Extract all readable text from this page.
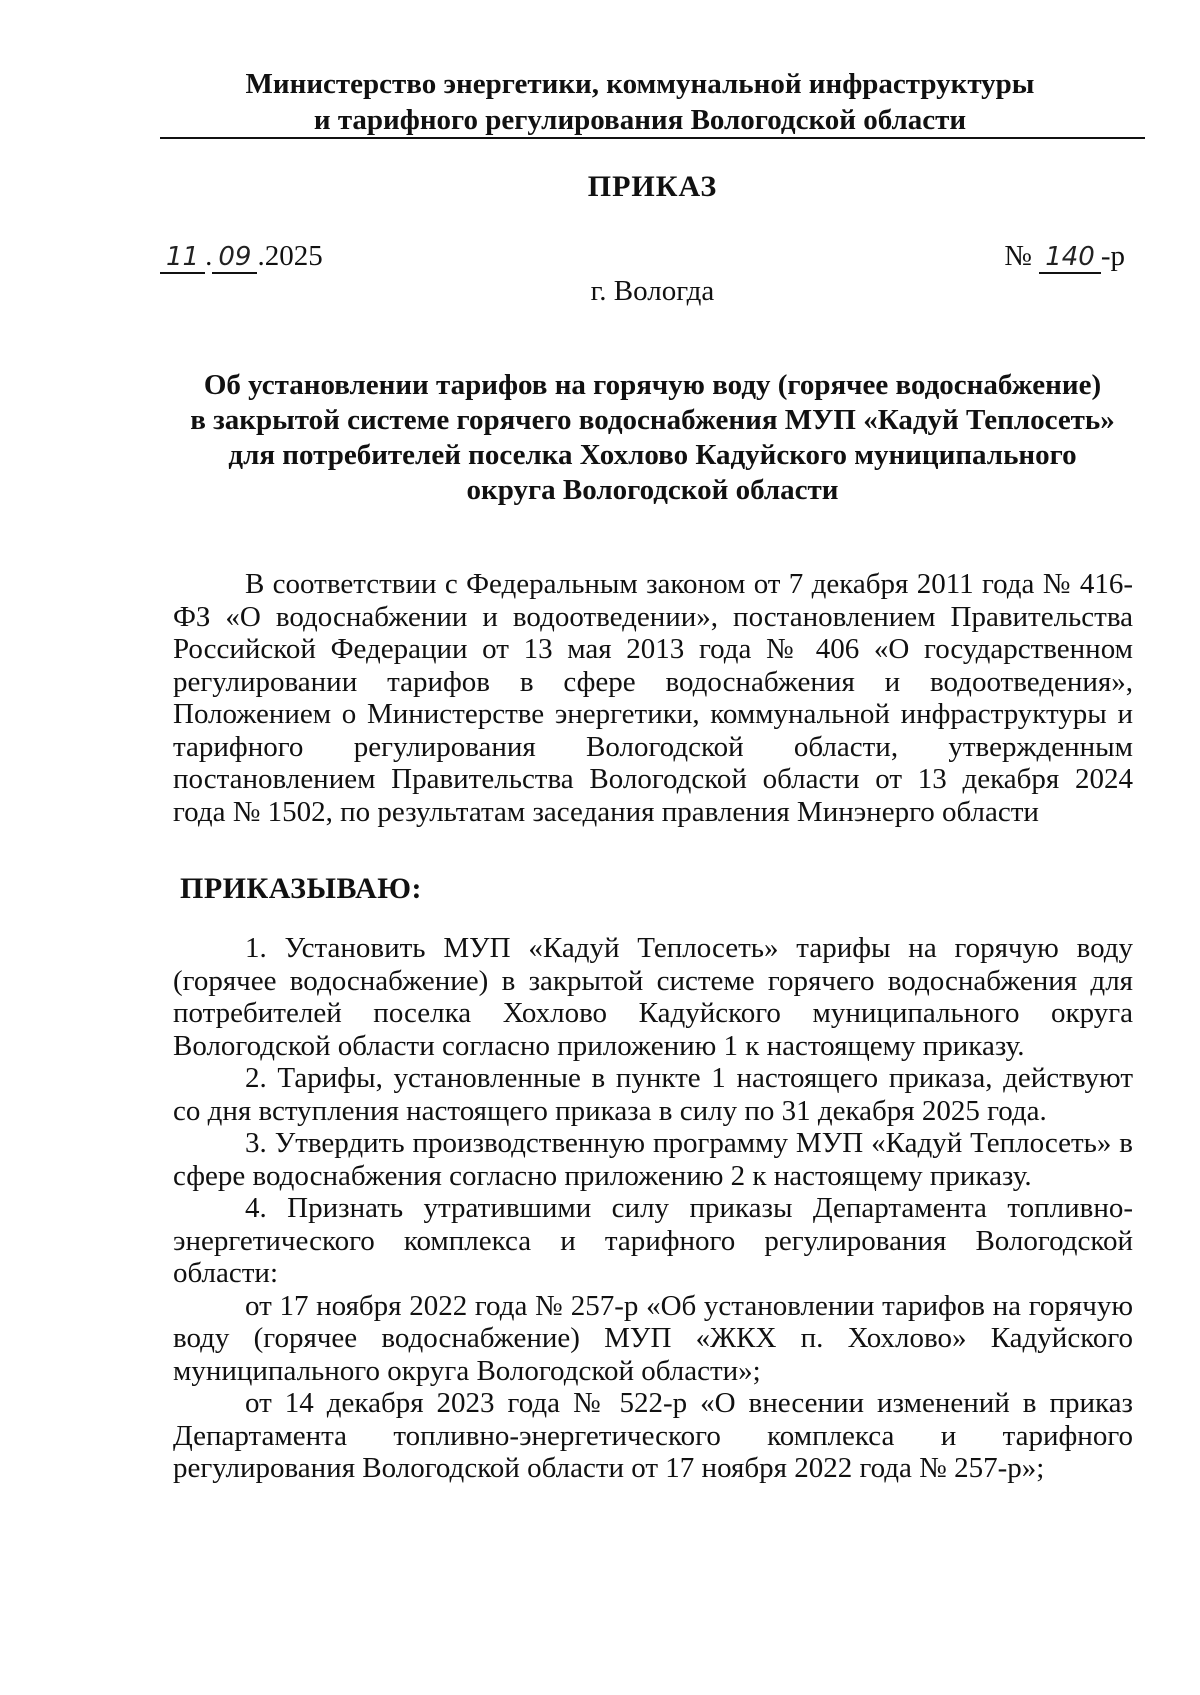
Министерство энергетики, коммунальной инфраструктуры
и тарифного регулирования Вологодской области
ПРИКАЗ
11 . 09 .2025	№ 140 -р
г. Вологда
Об установлении тарифов на горячую воду (горячее водоснабжение)
в закрытой системе горячего водоснабжения МУП «Кадуй Теплосеть»
для потребителей поселка Хохлово Кадуйского муниципального
округа Вологодской области

В соответствии с Федеральным законом от 7 декабря 2011 года № 416-ФЗ «О водоснабжении и водоотведении», постановлением Правительства Российской Федерации от 13 мая 2013 года № 406 «О государственном регулировании тарифов в сфере водоснабжения и водоотведения», Положением о Министерстве энергетики, коммунальной инфраструктуры и тарифного регулирования Вологодской области, утвержденным постановлением Правительства Вологодской области от 13 декабря 2024 года № 1502, по результатам заседания правления Минэнерго области

ПРИКАЗЫВАЮ:

1. Установить МУП «Кадуй Теплосеть» тарифы на горячую воду (горячее водоснабжение) в закрытой системе горячего водоснабжения для потребителей поселка Хохлово Кадуйского муниципального округа Вологодской области согласно приложению 1 к настоящему приказу.

2. Тарифы, установленные в пункте 1 настоящего приказа, действуют со дня вступления настоящего приказа в силу по 31 декабря 2025 года.

3. Утвердить производственную программу МУП «Кадуй Теплосеть» в сфере водоснабжения согласно приложению 2 к настоящему приказу.

4. Признать утратившими силу приказы Департамента топливно-энергетического комплекса и тарифного регулирования Вологодской области:

от 17 ноября 2022 года № 257-р «Об установлении тарифов на горячую воду (горячее водоснабжение) МУП «ЖКХ п. Хохлово» Кадуйского муниципального округа Вологодской области»;

от 14 декабря 2023 года № 522-р «О внесении изменений в приказ Департамента топливно-энергетического комплекса и тарифного регулирования Вологодской области от 17 ноября 2022 года № 257-р»;
